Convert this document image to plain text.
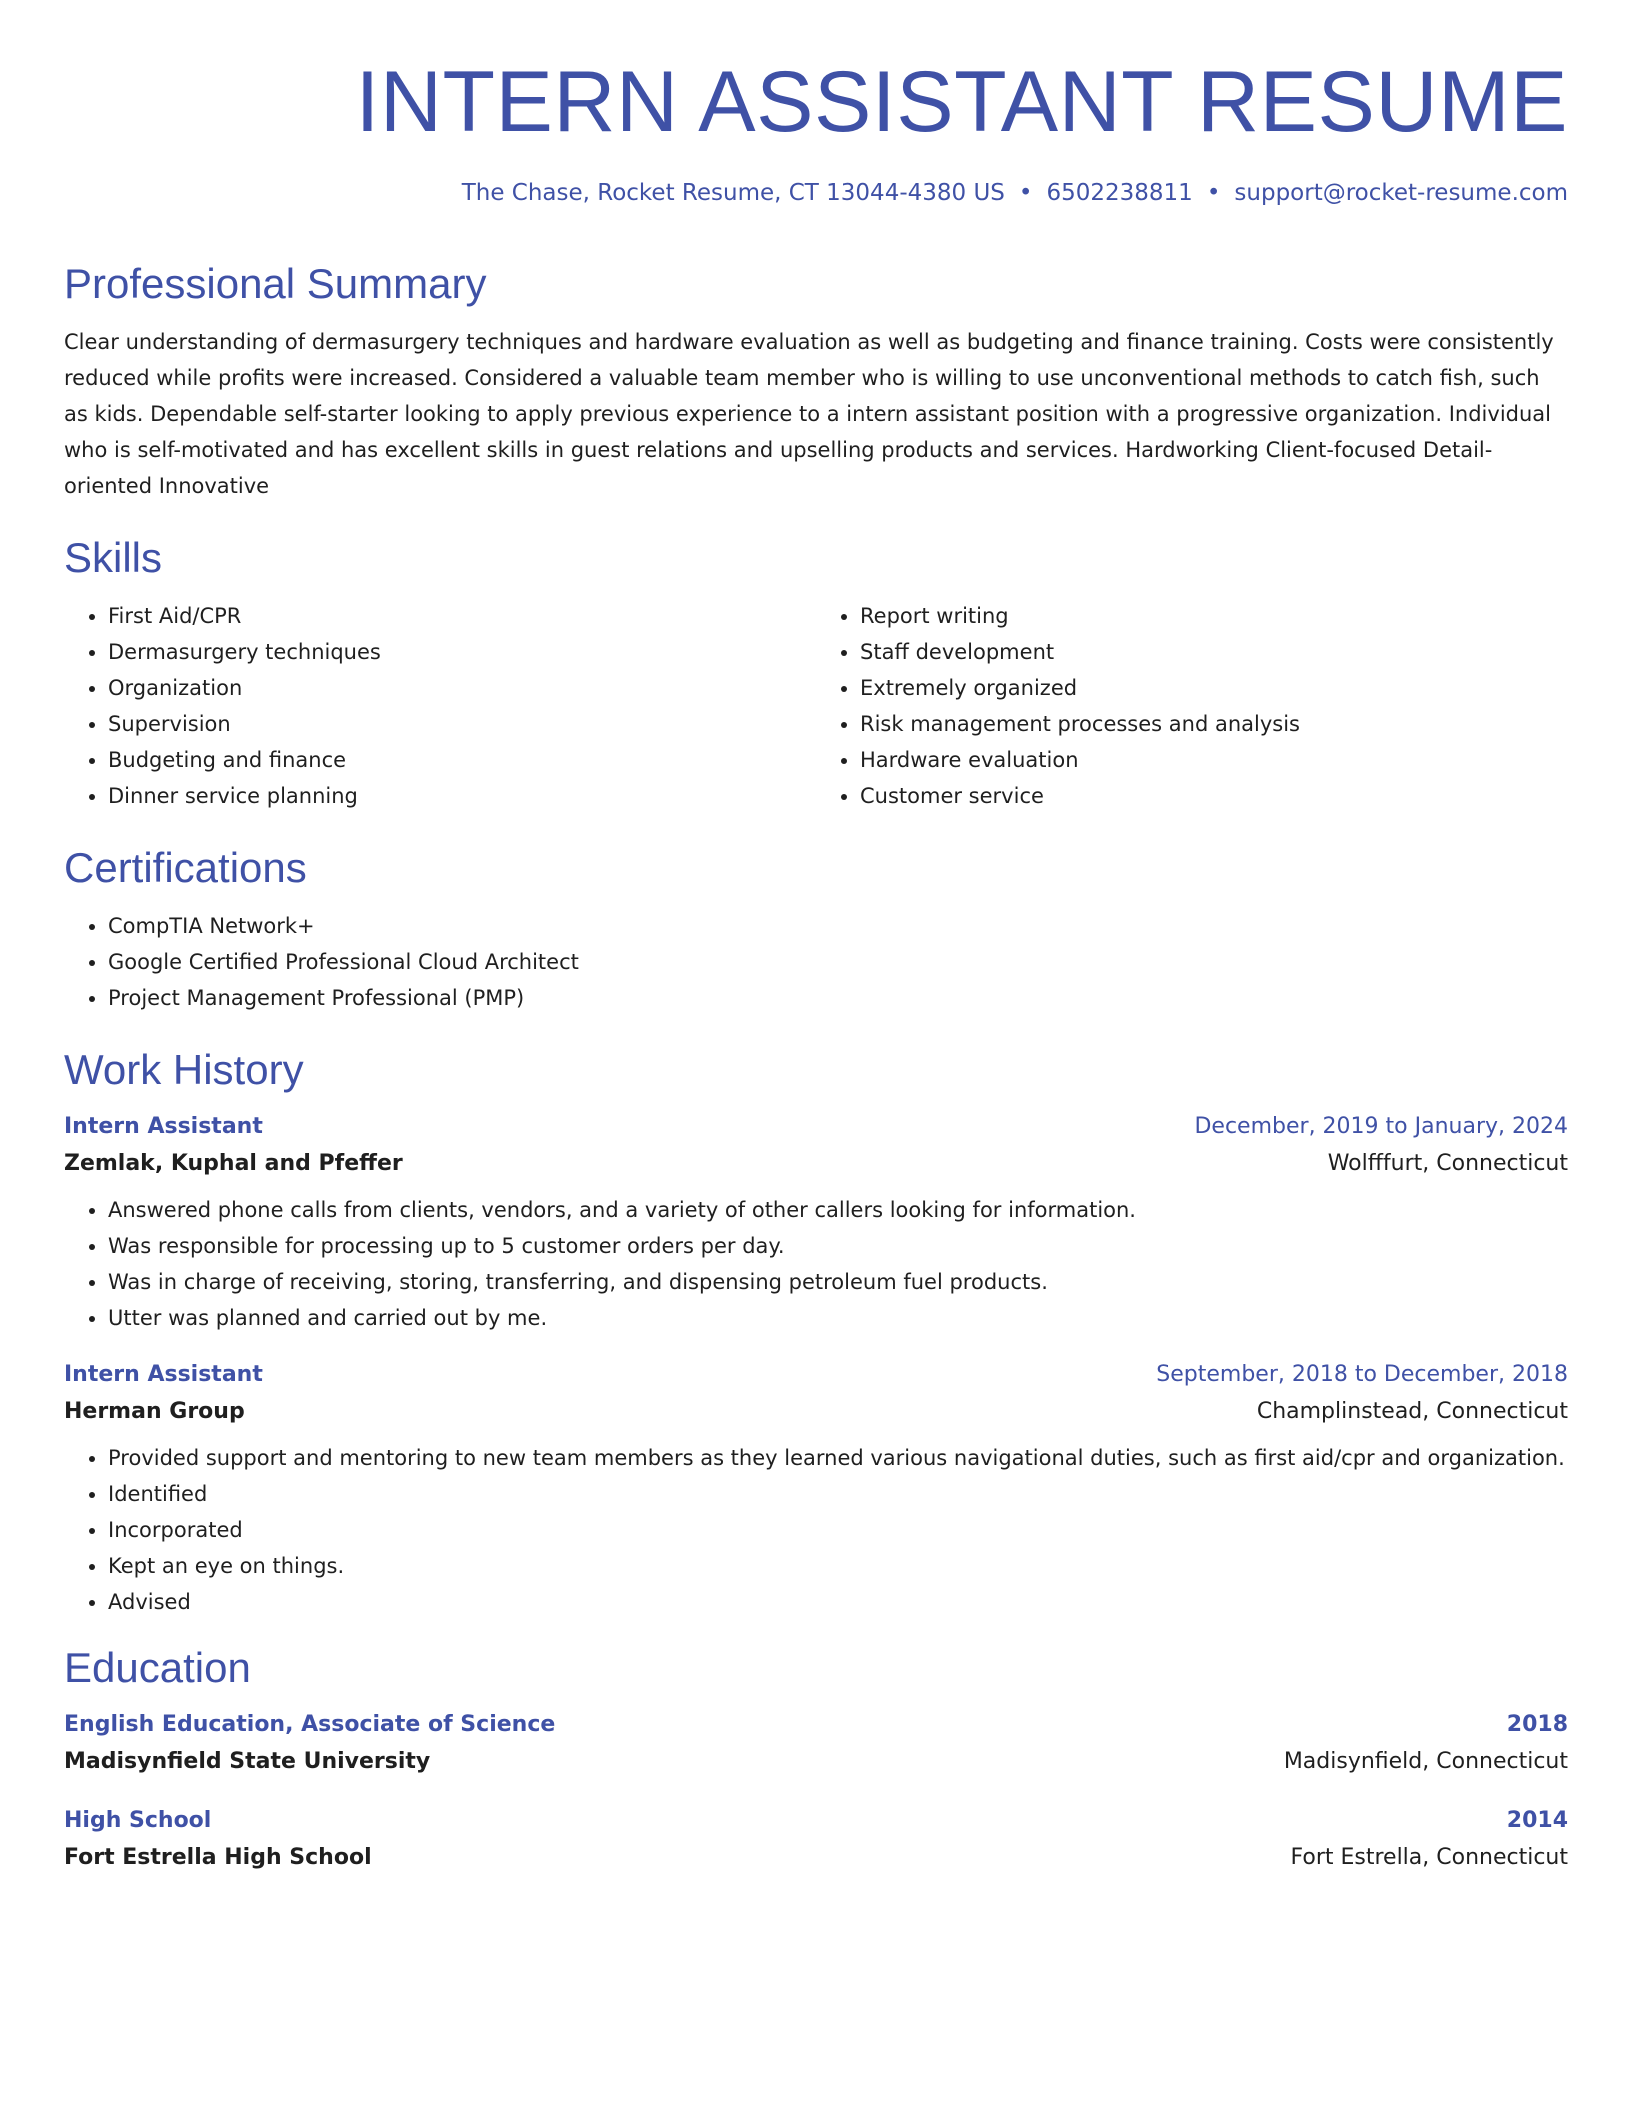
INTERN ASSISTANT RESUME
The Chase, Rocket Resume, CT 13044-4380 US • 6502238811 • support@rocket-resume.com
Professional Summary

Clear understanding of dermasurgery techniques and hardware evaluation as well as budgeting and finance training. Costs were consistently reduced while profits were increased. Considered a valuable team member who is willing to use unconventional methods to catch fish, such as kids. Dependable self-starter looking to apply previous experience to a intern assistant position with a progressive organization. Individual who is self-motivated and has excellent skills in guest relations and upselling products and services. Hardworking Client-focused Detail-oriented Innovative

Skills
• First Aid/CPR
• Dermasurgery techniques
• Organization
• Supervision
• Budgeting and finance
• Dinner service planning
• Report writing
• Staff development
• Extremely organized
• Risk management processes and analysis
• Hardware evaluation
• Customer service
Certifications
• CompTIA Network+
• Google Certified Professional Cloud Architect
• Project Management Professional (PMP)
Work History
Intern Assistant	December, 2019 to January, 2024
Zemlak, Kuphal and Pfeffer	Wolfffurt, Connecticut
• Answered phone calls from clients, vendors, and a variety of other callers looking for information.
• Was responsible for processing up to 5 customer orders per day.
• Was in charge of receiving, storing, transferring, and dispensing petroleum fuel products.
• Utter was planned and carried out by me.
Intern Assistant	September, 2018 to December, 2018
Herman Group	Champlinstead, Connecticut
• Provided support and mentoring to new team members as they learned various navigational duties, such as first aid/cpr and organization.
• Identified
• Incorporated
• Kept an eye on things.
• Advised
Education
English Education, Associate of Science	2018
Madisynfield State University	Madisynfield, Connecticut
High School	2014
Fort Estrella High School	Fort Estrella, Connecticut
